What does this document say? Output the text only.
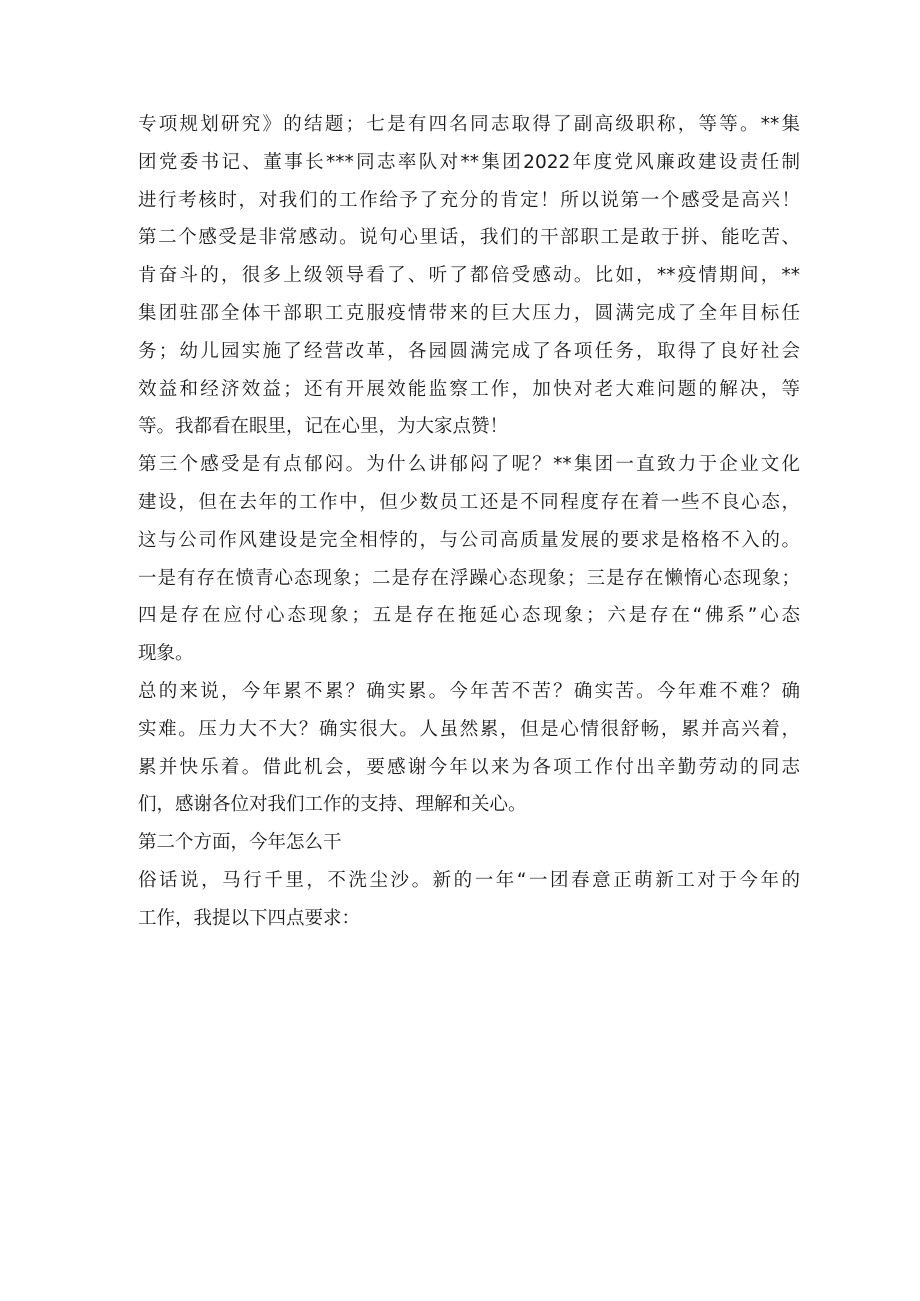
专项规划研究》的结题；七是有四名同志取得了副高级职称，等等。**集
团党委书记、董事长***同志率队对**集团2022年度党风廉政建设责任制
进行考核时，对我们的工作给予了充分的肯定！所以说第一个感受是高兴！
第二个感受是非常感动。说句心里话，我们的干部职工是敢于拼、能吃苦、
肯奋斗的，很多上级领导看了、听了都倍受感动。比如，**疫情期间，**
集团驻邵全体干部职工克服疫情带来的巨大压力，圆满完成了全年目标任
务；幼儿园实施了经营改革，各园圆满完成了各项任务，取得了良好社会
效益和经济效益；还有开展效能监察工作，加快对老大难问题的解决，等
等。我都看在眼里，记在心里，为大家点赞！
第三个感受是有点郁闷。为什么讲郁闷了呢？**集团一直致力于企业文化
建设，但在去年的工作中，但少数员工还是不同程度存在着一些不良心态，
这与公司作风建设是完全相悖的，与公司高质量发展的要求是格格不入的。
一是有存在愤青心态现象；二是存在浮躁心态现象；三是存在懒惰心态现象；
四是存在应付心态现象；五是存在拖延心态现象；六是存在“佛系”心态
现象。
总的来说，今年累不累？确实累。今年苦不苦？确实苦。今年难不难？确
实难。压力大不大？确实很大。人虽然累，但是心情很舒畅，累并高兴着，
累并快乐着。借此机会，要感谢今年以来为各项工作付出辛勤劳动的同志
们，感谢各位对我们工作的支持、理解和关心。
第二个方面，今年怎么干
俗话说，马行千里，不洗尘沙。新的一年“一团春意正萌新工对于今年的
工作，我提以下四点要求：
